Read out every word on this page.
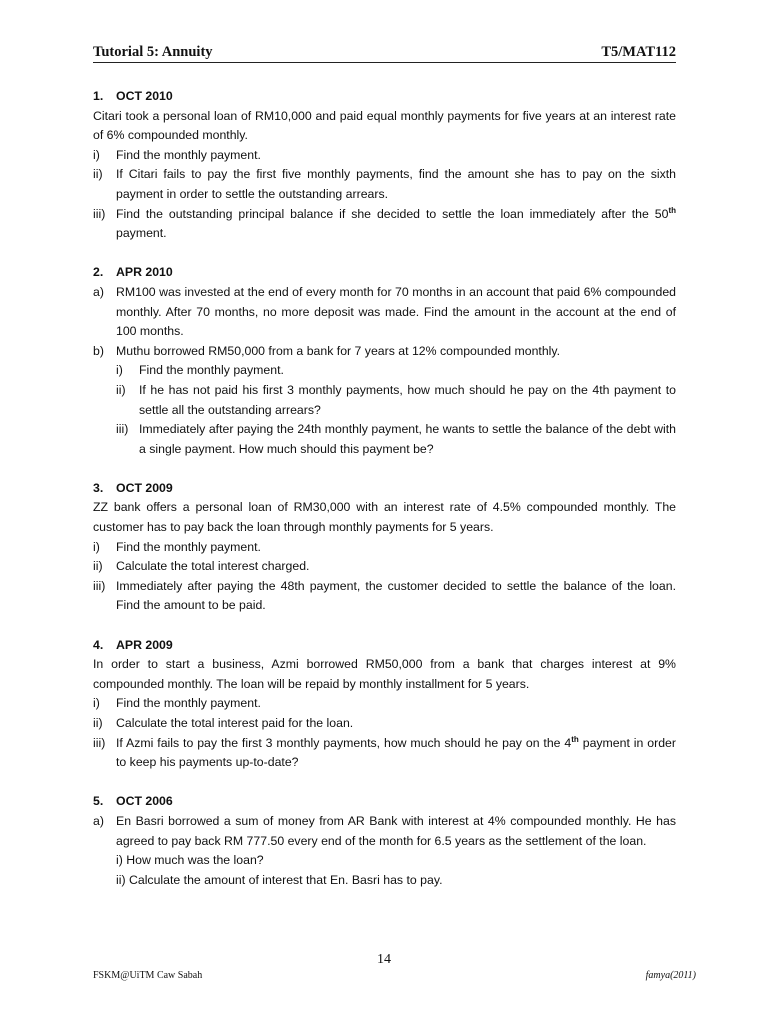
Tutorial 5: Annuity	T5/MAT112
1.	OCT 2010
Citari took a personal loan of RM10,000 and paid equal monthly payments for five years at an interest rate of 6% compounded monthly.
i)	Find the monthly payment.
ii)	If Citari fails to pay the first five monthly payments, find the amount she has to pay on the sixth payment in order to settle the outstanding arrears.
iii) Find the outstanding principal balance if she decided to settle the loan immediately after the 50th payment.
2.	APR 2010
a) RM100 was invested at the end of every month for 70 months in an account that paid 6% compounded monthly. After 70 months, no more deposit was made. Find the amount in the account at the end of 100 months.
b) Muthu borrowed RM50,000 from a bank for 7 years at 12% compounded monthly.
i)	Find the monthly payment.
ii)	If he has not paid his first 3 monthly payments, how much should he pay on the 4th payment to settle all the outstanding arrears?
iii) Immediately after paying the 24th monthly payment, he wants to settle the balance of the debt with a single payment. How much should this payment be?
3.	OCT 2009
ZZ bank offers a personal loan of RM30,000 with an interest rate of 4.5% compounded monthly. The customer has to pay back the loan through monthly payments for 5 years.
i)	Find the monthly payment.
ii)	Calculate the total interest charged.
iii) Immediately after paying the 48th payment, the customer decided to settle the balance of the loan. Find the amount to be paid.
4.	APR 2009
In order to start a business, Azmi borrowed RM50,000 from a bank that charges interest at 9% compounded monthly. The loan will be repaid by monthly installment for 5 years.
i)	Find the monthly payment.
ii)	Calculate the total interest paid for the loan.
iii) If Azmi fails to pay the first 3 monthly payments, how much should he pay on the 4th payment in order to keep his payments up-to-date?
5.	OCT 2006
a) En Basri borrowed a sum of money from AR Bank with interest at 4% compounded monthly. He has agreed to pay back RM 777.50 every end of the month for 6.5 years as the settlement of the loan.
i) How much was the loan?
ii) Calculate the amount of interest that En. Basri has to pay.
14
FSKM@UiTM Caw Sabah	famya(2011)
